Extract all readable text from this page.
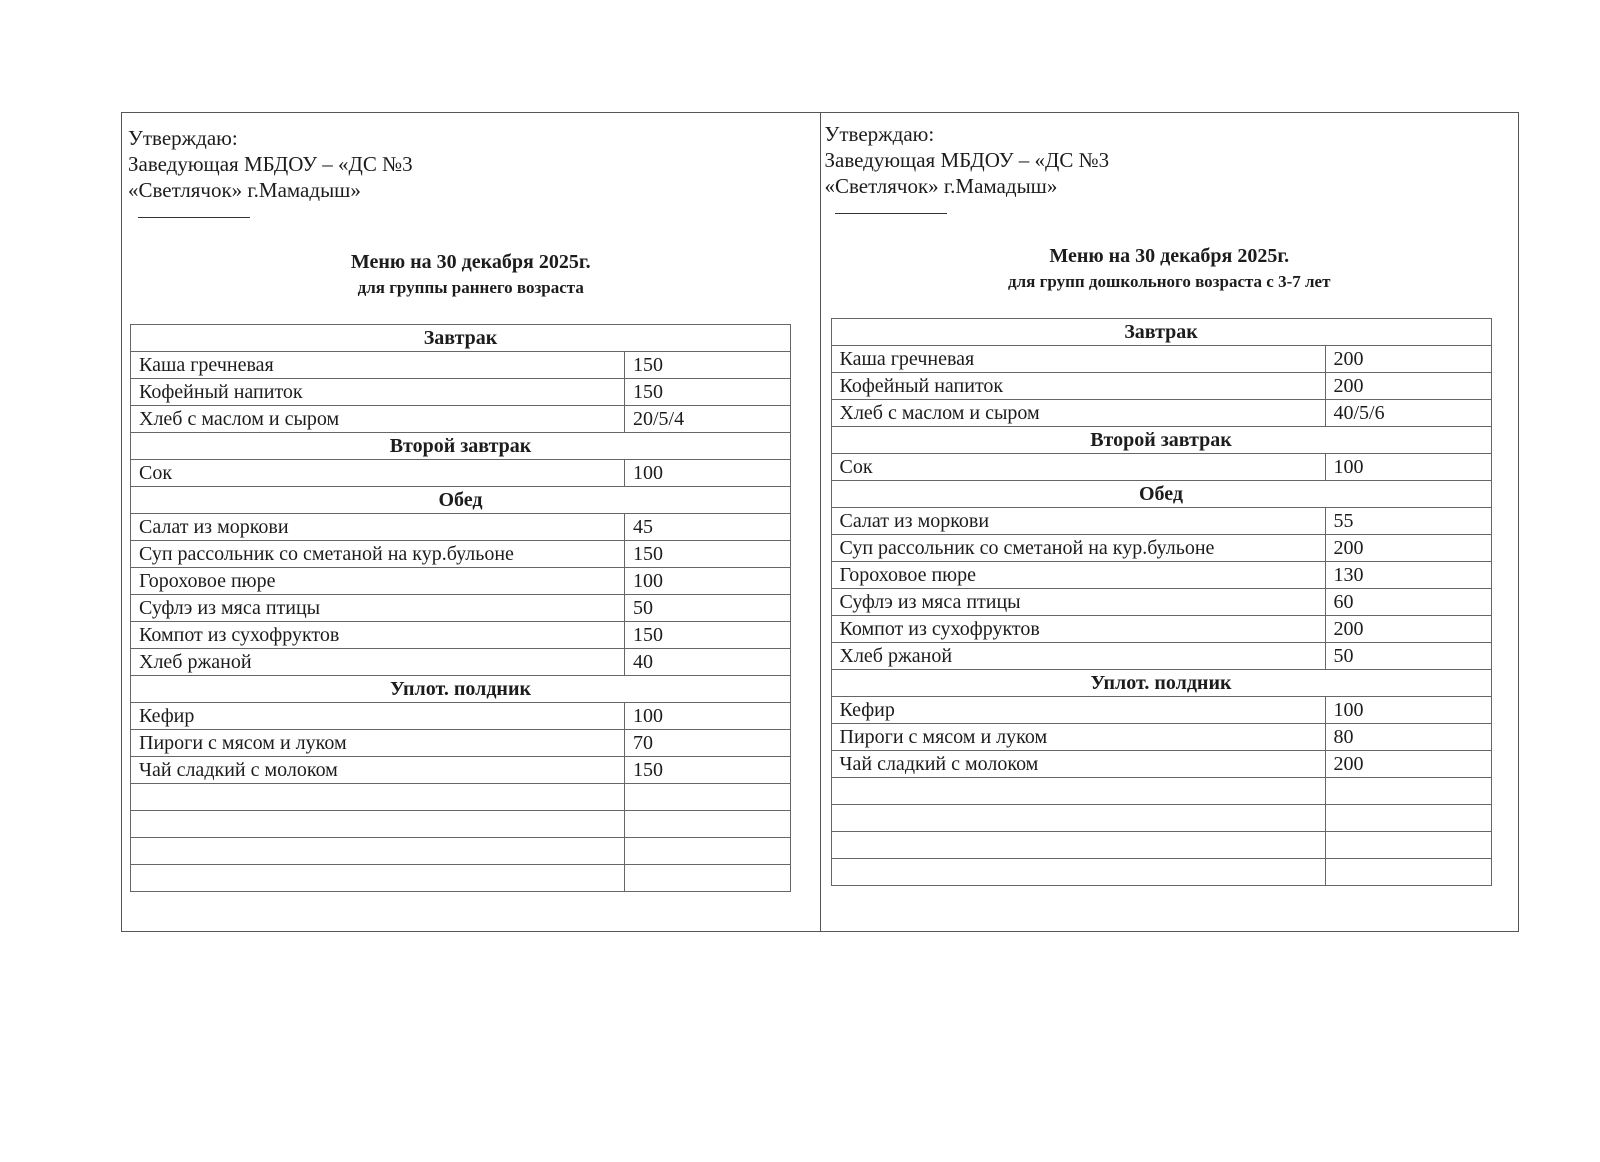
Утверждаю:
Заведующая МБДОУ – «ДС №3
«Светлячок» г.Мамадыш»
Меню на 30 декабря 2025г.
для группы раннего возраста
Завтрак	
Каша гречневая	150
Кофейный напиток	150
Хлеб с маслом и сыром	20/5/4
Второй завтрак	
Сок	100
Обед	
Салат из моркови	45
Суп рассольник со сметаной на кур.бульоне	150
Гороховое пюре	100
Суфлэ из мяса птицы	50
Компот из сухофруктов	150
Хлеб ржаной	40
Уплот. полдник	
Кефир	100
Пироги с мясом и луком	70
Чай сладкий с молоком	150

Утверждаю:
Заведующая МБДОУ – «ДС №3
«Светлячок» г.Мамадыш»
Меню на 30 декабря 2025г.
для групп дошкольного возраста с 3-7 лет
Завтрак	
Каша гречневая	200
Кофейный напиток	200
Хлеб с маслом и сыром	40/5/6
Второй завтрак	
Сок	100
Обед	
Салат из моркови	55
Суп рассольник со сметаной на кур.бульоне	200
Гороховое пюре	130
Суфлэ из мяса птицы	60
Компот из сухофруктов	200
Хлеб ржаной	50
Уплот. полдник	
Кефир	100
Пироги с мясом и луком	80
Чай сладкий с молоком	200
